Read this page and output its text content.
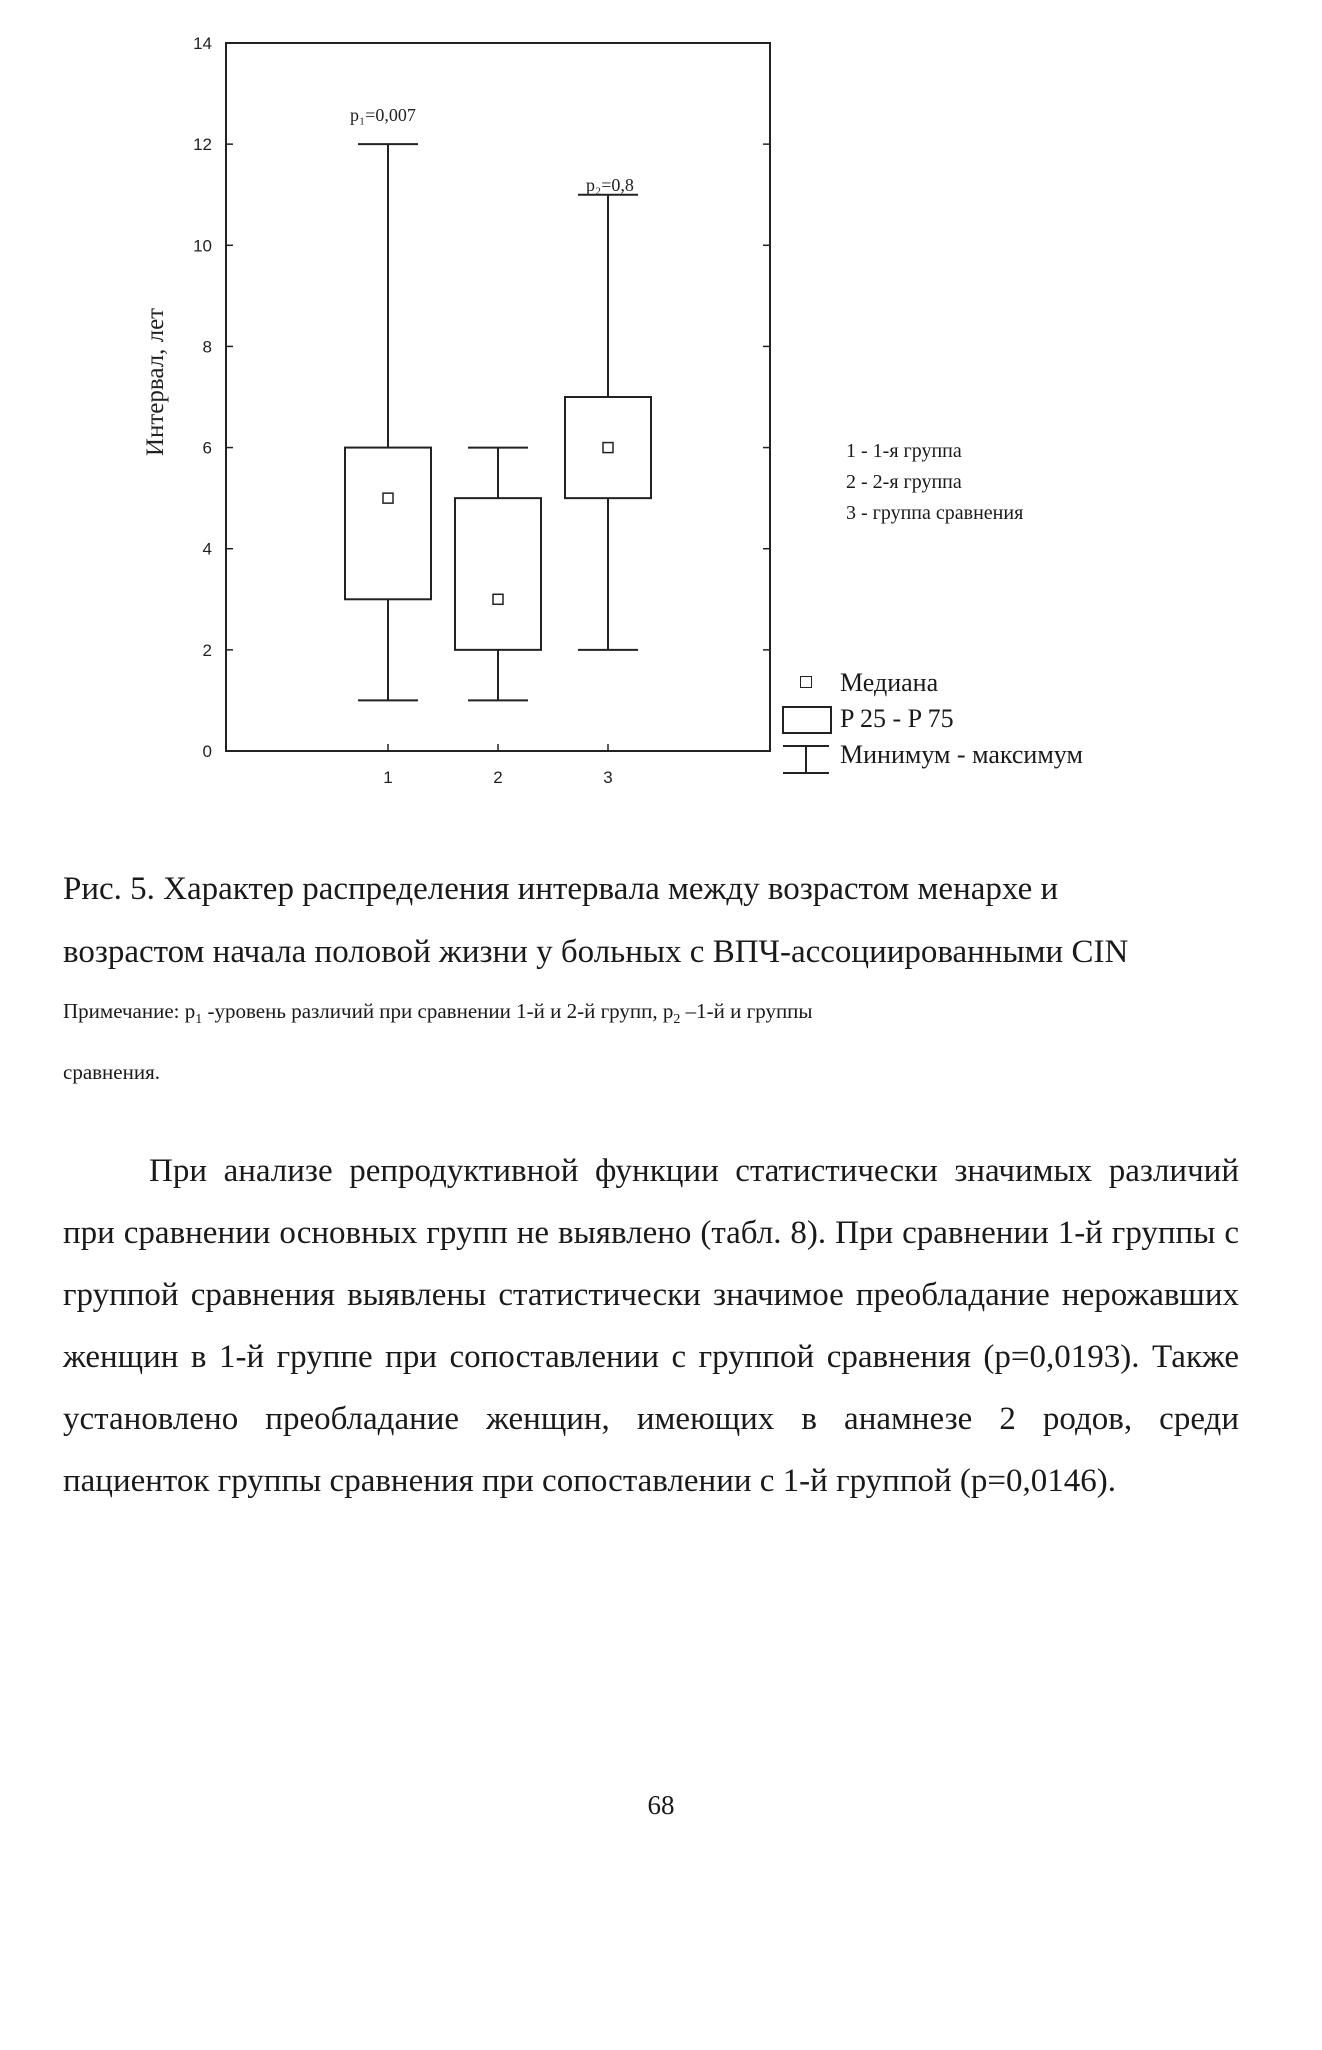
0
2
4
6
8
10
12
14
Интервал, лет
1	2	3
p₁=0,007
p₂=0,8
1 - 1-я группа
2 - 2-я группа
3 - группа сравнения
Медиана
P 25 - P 75
Минимум - максимум
Рис. 5. Характер распределения интервала между возрастом менархе и
возрастом начала половой жизни у больных с ВПЧ-ассоциированными CIN
Примечание: $p_1$ -уровень различий при сравнении 1-й и 2-й групп, $p_2$ –1-й и группы
сравнения.
При анализе репродуктивной функции статистически значимых различий при сравнении основных групп не выявлено (табл. 8). При сравнении 1-й группы с группой сравнения выявлены статистически значимое преобладание нерожавших женщин в 1-й группе при сопоставлении с группой сравнения (p=0,0193). Также установлено преобладание женщин, имеющих в анамнезе 2 родов, среди пациенток группы сравнения при сопоставлении с 1-й группой (p=0,0146).
68
